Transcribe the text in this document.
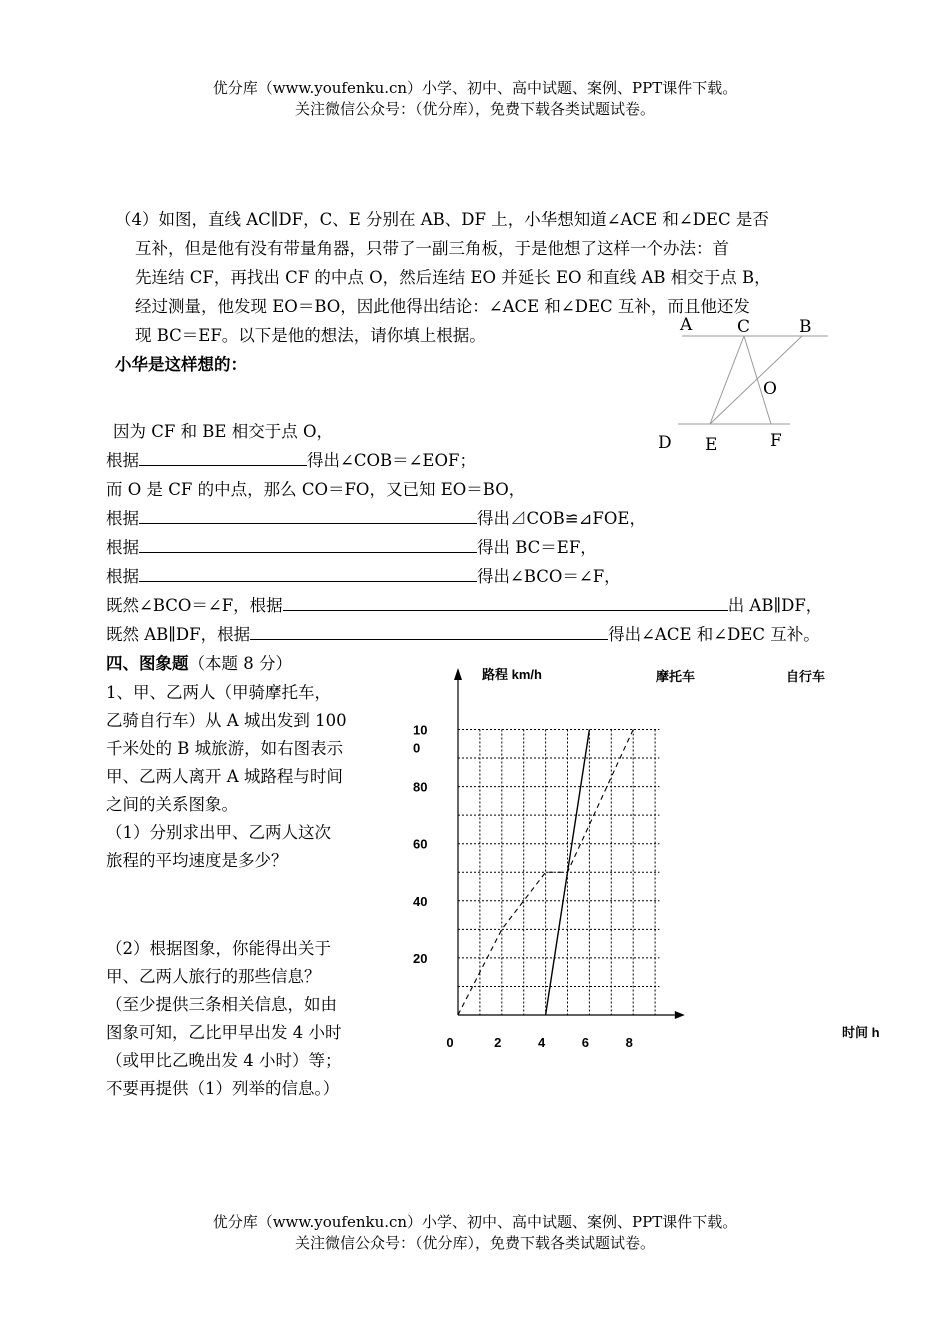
优分库（www.youfenku.cn）小学、初中、高中试题、案例、PPT课件下载。
关注微信公众号：（优分库），免费下载各类试题试卷。
（4）如图，直线 AC∥DF，C、E 分别在 AB、DF 上，小华想知道∠ACE 和∠DEC 是否
互补，但是他有没有带量角器，只带了一副三角板，于是他想了这样一个办法：首
先连结 CF，再找出 CF 的中点 O，然后连结 EO 并延长 EO 和直线 AB 相交于点 B，
经过测量，他发现 EO＝BO，因此他得出结论：∠ACE 和∠DEC 互补，而且他还发
现 BC＝EF。以下是他的想法，请你填上根据。
小华是这样想的：
A	C	B
O
D E	F
因为 CF 和 BE 相交于点 O，
根据	得出∠COB＝∠EOF；
而 O 是 CF 的中点，那么 CO＝FO，又已知 EO＝BO，
根据	得出⊿COB≌⊿FOE，
根据	得出 BC＝EF，
根据	得出∠BCO＝∠F，
既然∠BCO＝∠F，根据	出 AB∥DF，
既然 AB∥DF，根据	得出∠ACE 和∠DEC 互补。
四、图象题（本题 8 分）
1、甲、乙两人（甲骑摩托车，
乙骑自行车）从 A 城出发到 100
千米处的 B 城旅游，如右图表示
甲、乙两人离开 A 城路程与时间
之间的关系图象。
（1）分别求出甲、乙两人这次
旅程的平均速度是多少？
（2）根据图象，你能得出关于
甲、乙两人旅行的那些信息？
（至少提供三条相关信息，如由
图象可知，乙比甲早出发 4 小时
（或甲比乙晚出发 4 小时）等；
不要再提供（1）列举的信息。）
0	2	4	6	8
20
40
60
80
10 0
路程 km/h
时间 h
摩托车	自行车
优分库（www.youfenku.cn）小学、初中、高中试题、案例、PPT课件下载。
关注微信公众号：（优分库），免费下载各类试题试卷。
